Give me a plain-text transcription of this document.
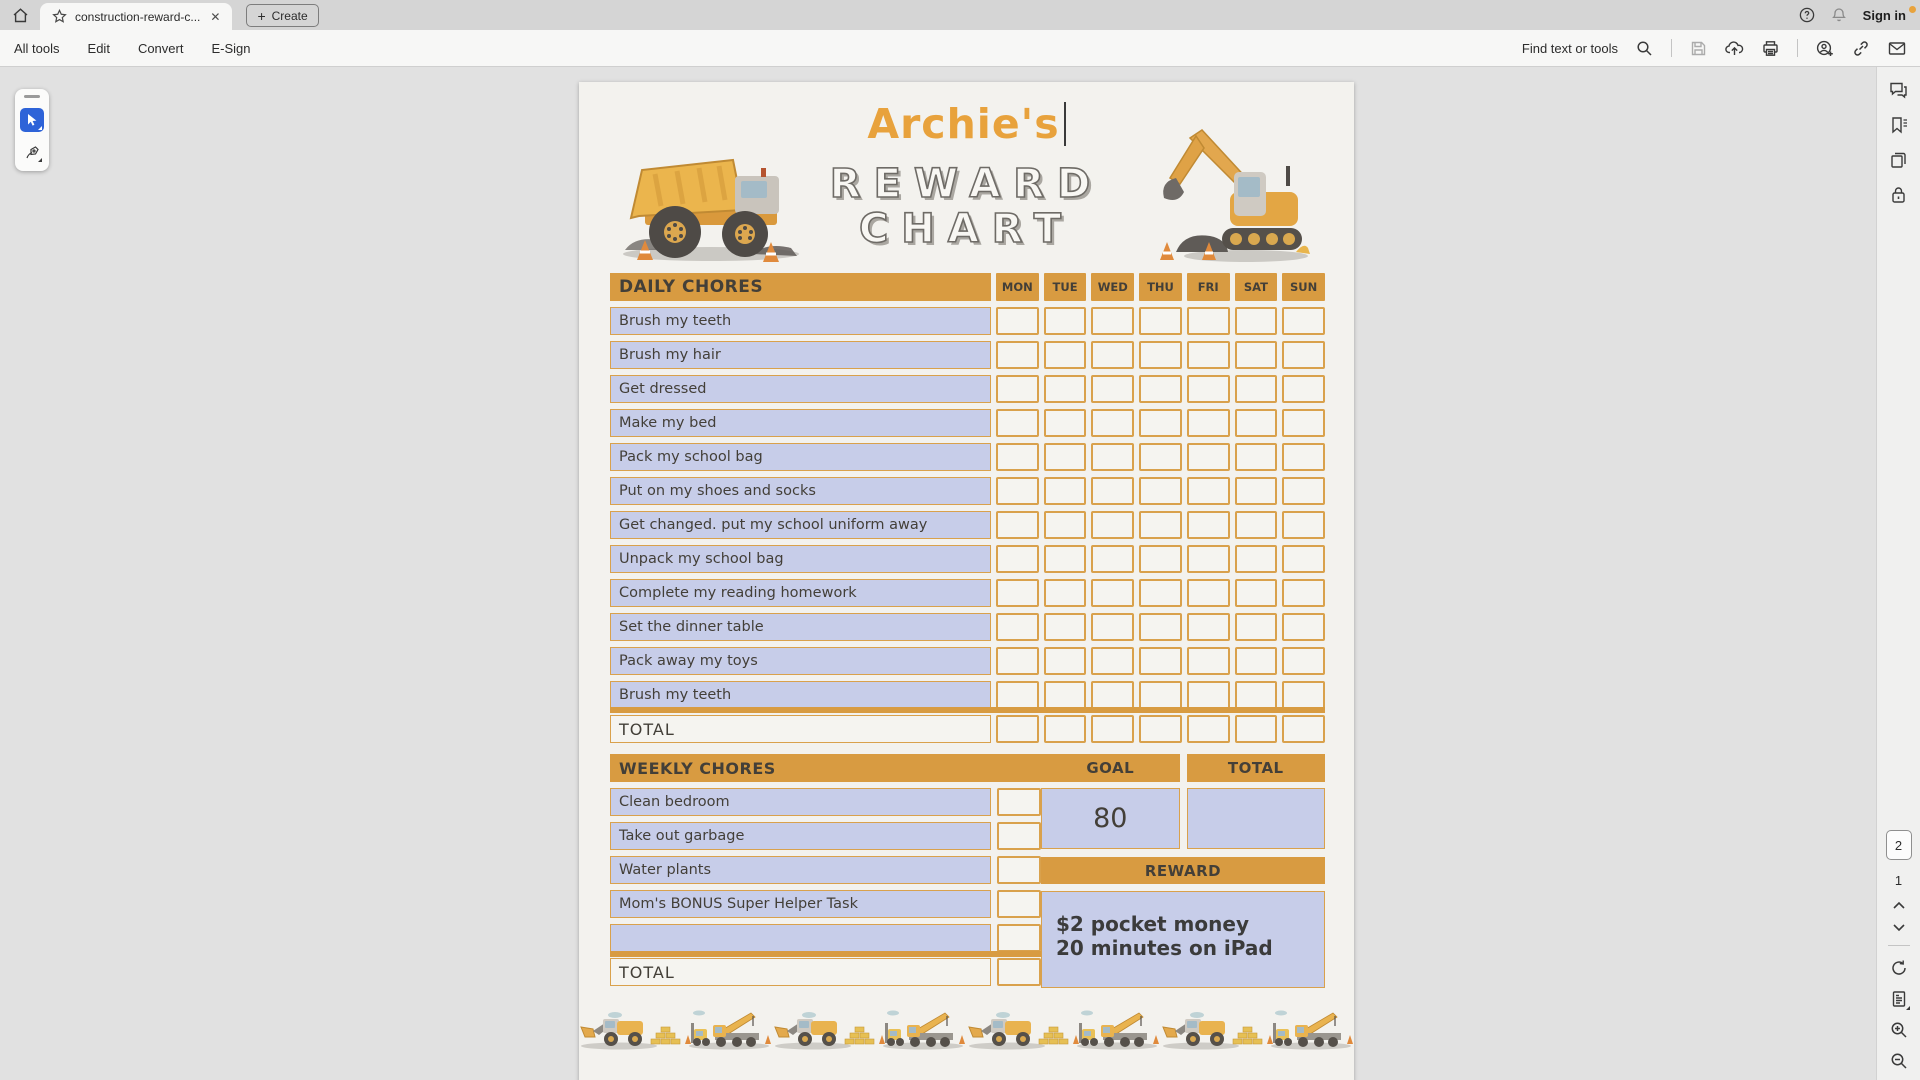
construction-reward-c... ✕	+ Create	Sign in
All tools Edit Convert E-Sign	Find text or tools
Archie's
REWARD
CHART
DAILY CHORES	MON	TUE	WED	THU	FRI	SAT	SUN
Brush my teeth
Brush my hair
Get dressed
Make my bed
Pack my school bag
Put on my shoes and socks
Get changed. put my school uniform away
Unpack my school bag
Complete my reading homework
Set the dinner table
Pack away my toys
Brush my teeth
TOTAL
WEEKLY CHORES
Clean bedroom
Take out garbage
Water plants
Mom's BONUS Super Helper Task
TOTAL
GOAL	TOTAL
80
REWARD
$2 pocket money
20 minutes on iPad
2
1
